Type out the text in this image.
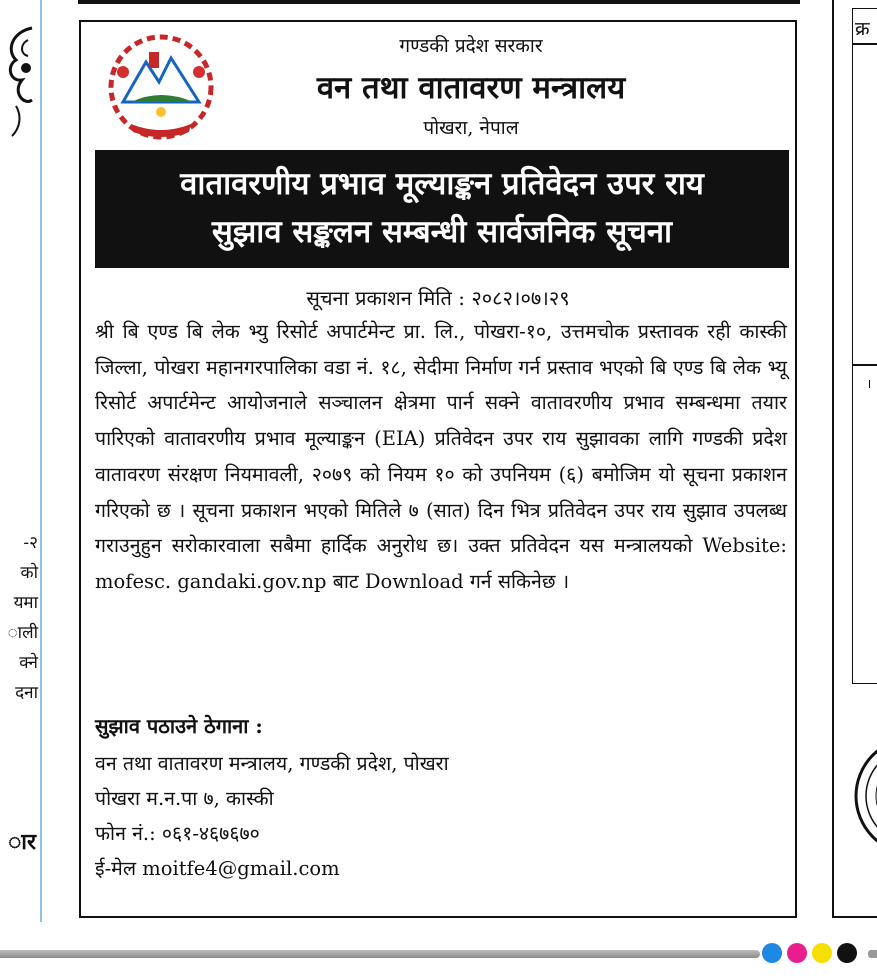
-२
को
यमा
ाली
क्ने
दना
ार
गण्डकी प्रदेश सरकार
वन तथा वातावरण मन्त्रालय
पोखरा, नेपाल
वातावरणीय प्रभाव मूल्याङ्कन प्रतिवेदन उपर राय
सुझाव सङ्कलन सम्बन्धी सार्वजनिक सूचना
सूचना प्रकाशन मिति : २०८२।०७।२९
श्री बि एण्ड बि लेक भ्यु रिसोर्ट अपार्टमेन्ट प्रा. लि., पोखरा-१०, उत्तमचोक प्रस्तावक रही कास्की जिल्ला, पोखरा महानगरपालिका वडा नं. १८, सेदीमा निर्माण गर्न प्रस्ताव भएको बि एण्ड बि लेक भ्यू रिसोर्ट अपार्टमेन्ट आयोजनाले सञ्चालन क्षेत्रमा पार्न सक्ने वातावरणीय प्रभाव सम्बन्धमा तयार पारिएको वातावरणीय प्रभाव मूल्याङ्कन (EIA) प्रतिवेदन उपर राय सुझावका लागि गण्डकी प्रदेश वातावरण संरक्षण नियमावली, २०७९ को नियम १० को उपनियम (६) बमोजिम यो सूचना प्रकाशन गरिएको छ । सूचना प्रकाशन भएको मितिले ७ (सात) दिन भित्र प्रतिवेदन उपर राय सुझाव उपलब्ध गराउनुहुन सरोकारवाला सबैमा हार्दिक अनुरोध छ। उक्त प्रतिवेदन यस मन्त्रालयको Website: mofesc. gandaki.gov.np बाट Download गर्न सकिनेछ ।
सुझाव पठाउने ठेगाना :
वन तथा वातावरण मन्त्रालय, गण्डकी प्रदेश, पोखरा
पोखरा म.न.पा ७, कास्की
फोन नं.: ०६१-४६७६७०
ई-मेल moitfe4@gmail.com
क्र
